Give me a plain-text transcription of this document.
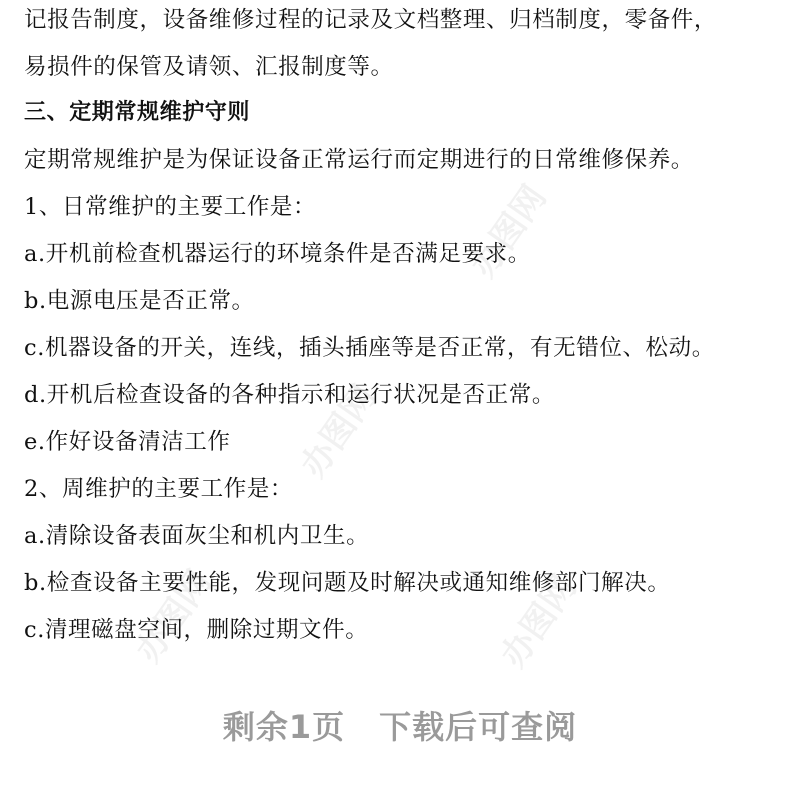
办图网
办图网
办图网	办图网
记报告制度，设备维修过程的记录及文档整理、归档制度，零备件，
易损件的保管及请领、汇报制度等。
三、定期常规维护守则
定期常规维护是为保证设备正常运行而定期进行的日常维修保养。
1、日常维护的主要工作是：
a.开机前检查机器运行的环境条件是否满足要求。
b.电源电压是否正常。
c.机器设备的开关，连线，插头插座等是否正常，有无错位、松动。
d.开机后检查设备的各种指示和运行状况是否正常。
e.作好设备清洁工作
2、周维护的主要工作是：
a.清除设备表面灰尘和机内卫生。
b.检查设备主要性能，发现问题及时解决或通知维修部门解决。
c.清理磁盘空间，删除过期文件。
剩余1页 下载后可查阅
